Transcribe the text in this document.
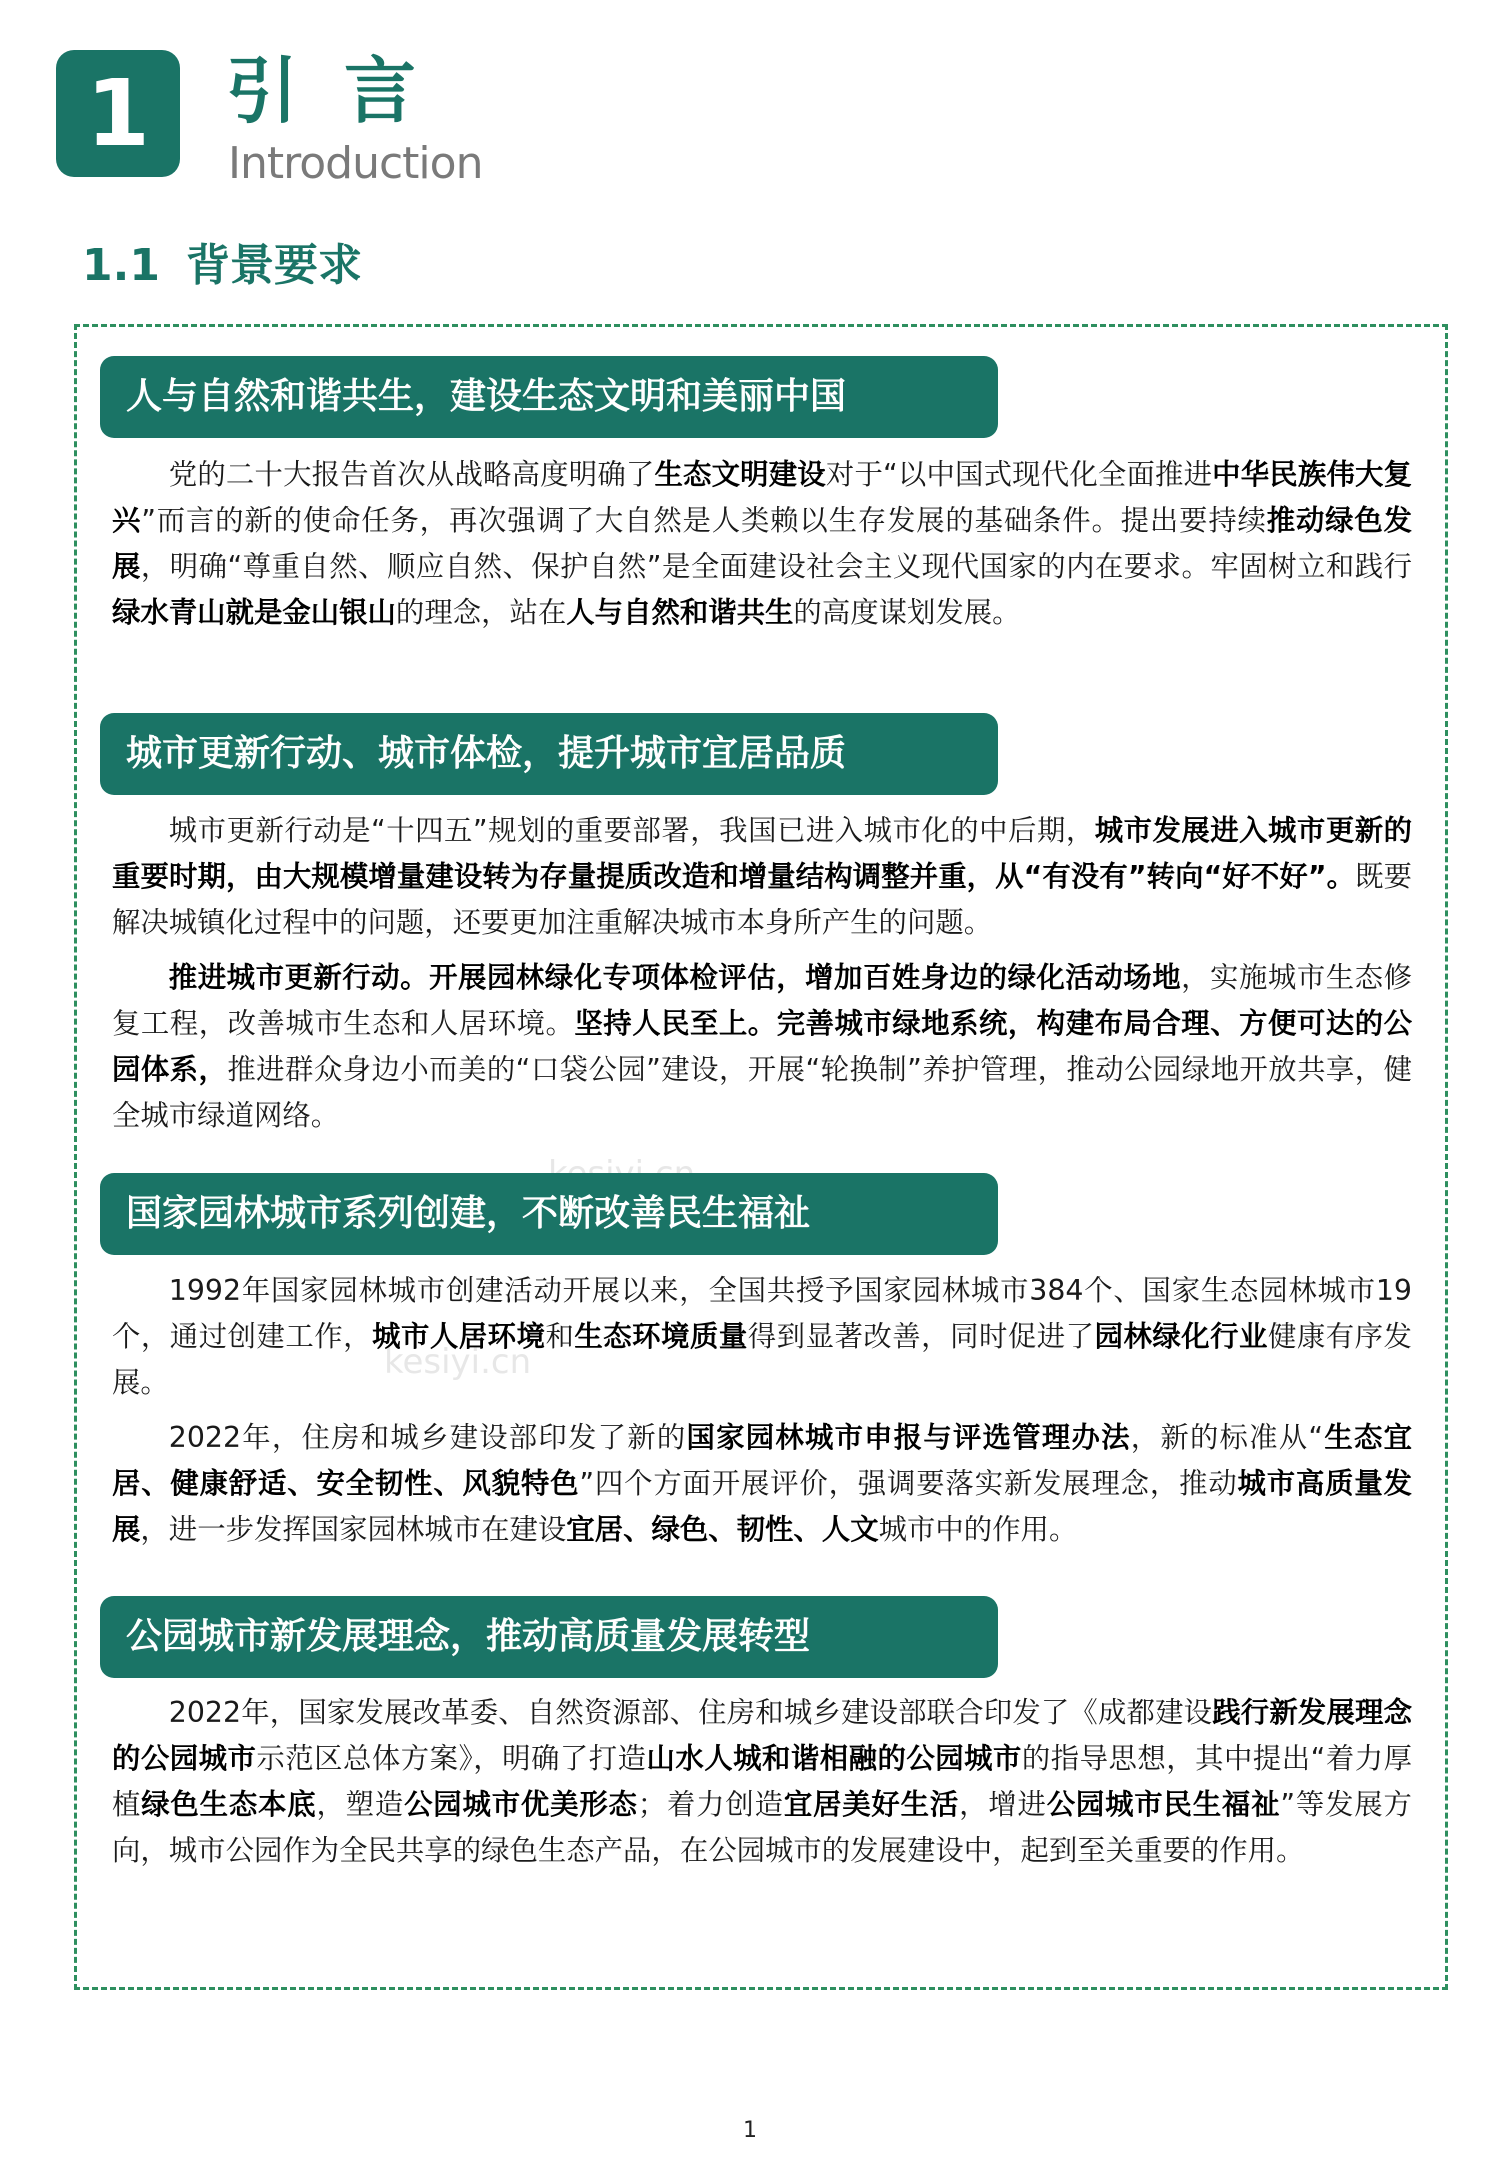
1	引言
Introduction
1.1 背景要求
kesiyi.cn
人与自然和谐共生，建设生态文明和美丽中国

党的二十大报告首次从战略高度明确了生态文明建设对于“以中国式现代化全面推进中华民族伟大复兴”而言的新的使命任务，再次强调了大自然是人类赖以生存发展的基础条件。提出要持续推动绿色发展，明确“尊重自然、顺应自然、保护自然”是全面建设社会主义现代国家的内在要求。牢固树立和践行绿水青山就是金山银山的理念，站在人与自然和谐共生的高度谋划发展。

城市更新行动、城市体检，提升城市宜居品质

城市更新行动是“十四五”规划的重要部署，我国已进入城市化的中后期，城市发展进入城市更新的重要时期，由大规模增量建设转为存量提质改造和增量结构调整并重，从“有没有”转向“好不好”。既要解决城镇化过程中的问题，还要更加注重解决城市本身所产生的问题。

推进城市更新行动。开展园林绿化专项体检评估，增加百姓身边的绿化活动场地，实施城市生态修复工程，改善城市生态和人居环境。坚持人民至上。完善城市绿地系统，构建布局合理、方便可达的公园体系，推进群众身边小而美的“口袋公园”建设，开展“轮换制”养护管理，推动公园绿地开放共享，健全城市绿道网络。

国家园林城市系列创建，不断改善民生福祉

1992年国家园林城市创建活动开展以来，全国共授予国家园林城市384个、国家生态园林城市19个，通过创建工作，城市人居环境和生态环境质量得到显著改善，同时促进了园林绿化行业健康有序发展。

2022年，住房和城乡建设部印发了新的国家园林城市申报与评选管理办法，新的标准从“生态宜居、健康舒适、安全韧性、风貌特色”四个方面开展评价，强调要落实新发展理念，推动城市高质量发展，进一步发挥国家园林城市在建设宜居、绿色、韧性、人文城市中的作用。

公园城市新发展理念，推动高质量发展转型

2022年，国家发展改革委、自然资源部、住房和城乡建设部联合印发了《成都建设践行新发展理念的公园城市示范区总体方案》，明确了打造山水人城和谐相融的公园城市的指导思想，其中提出“着力厚植绿色生态本底，塑造公园城市优美形态；着力创造宜居美好生活，增进公园城市民生福祉”等发展方向，城市公园作为全民共享的绿色生态产品，在公园城市的发展建设中，起到至关重要的作用。

1
